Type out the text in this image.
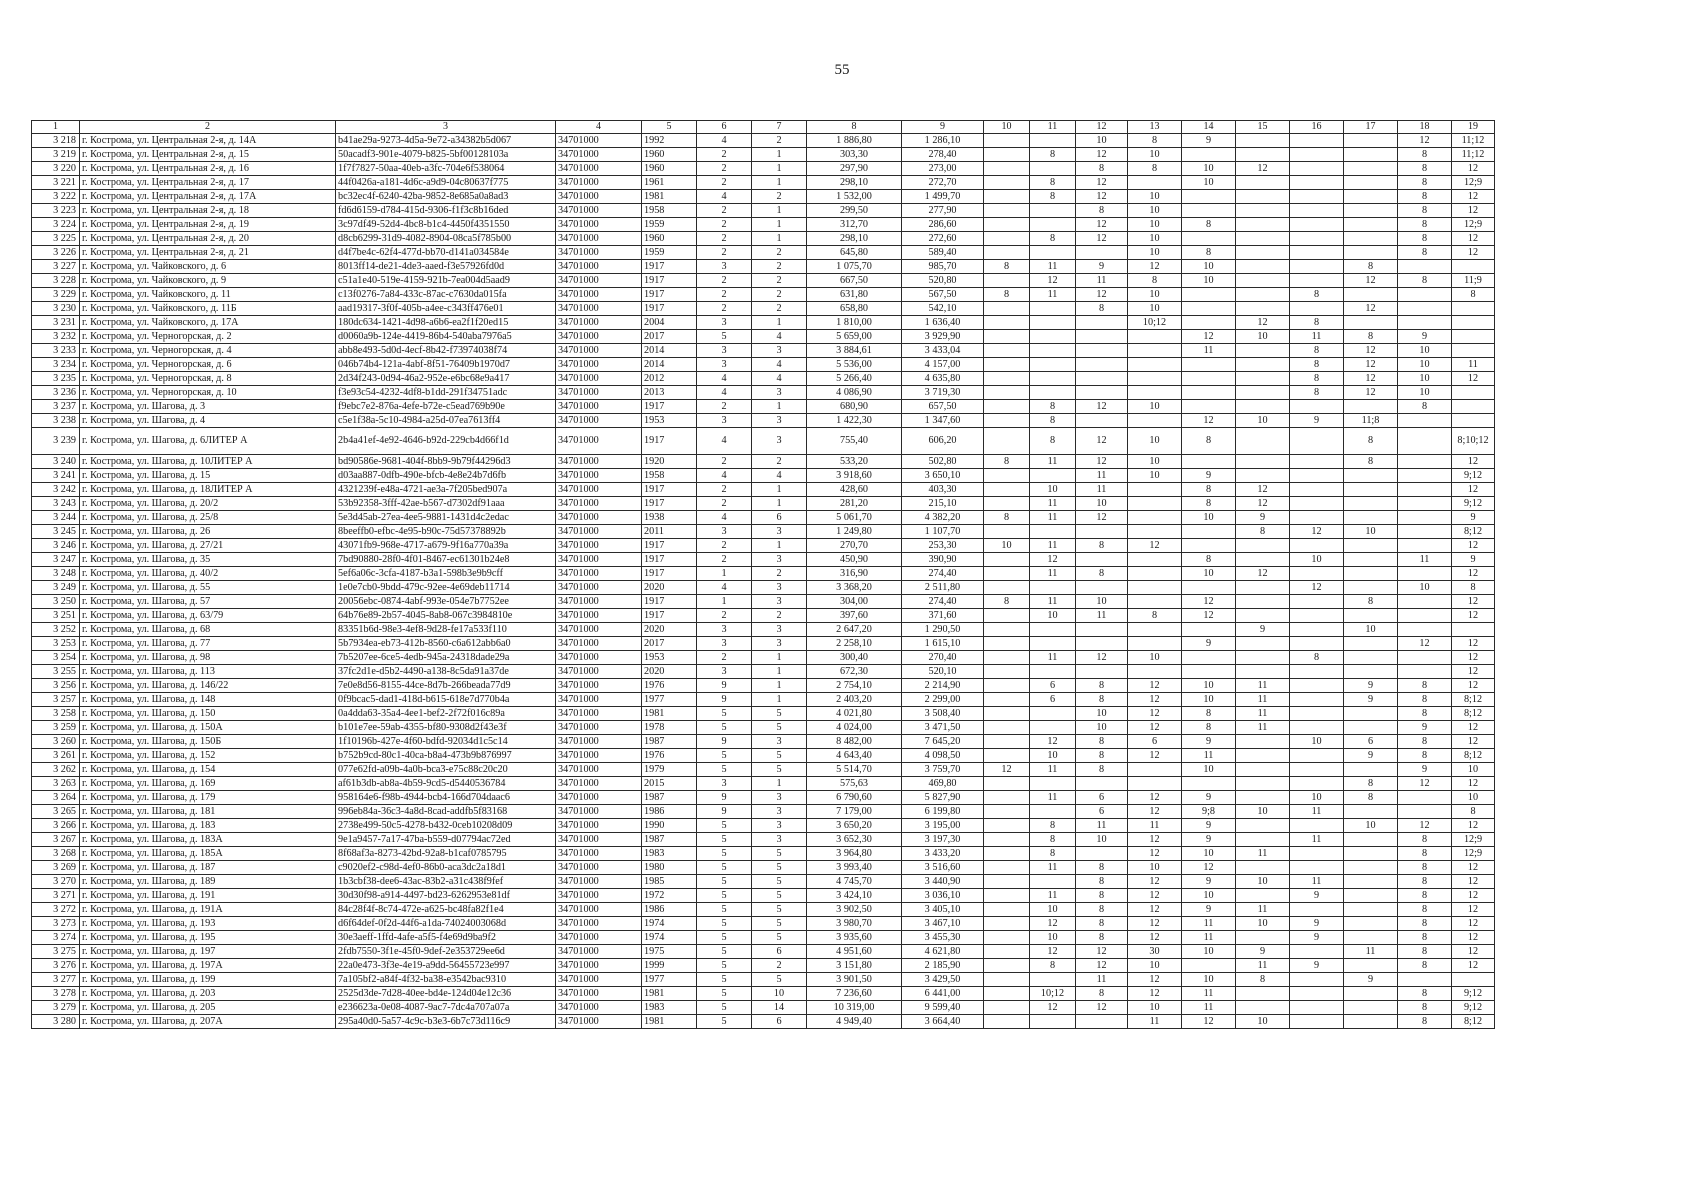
55
1	2	3	4	5	6	7	8	9	10	11	12	13	14	15	16	17	18	19
3 218	г. Кострома, ул. Центральная 2-я, д. 14А	b41ae29a-9273-4d5a-9e72-a34382b5d067	34701000	1992	4	2	1 886,80	1 286,10			10	8	9				12	11;12
3 219	г. Кострома, ул. Центральная 2-я, д. 15	50acadf3-901e-4079-b825-5bf00128103a	34701000	1960	2	1	303,30	278,40		8	12	10					8	11;12
3 220	г. Кострома, ул. Центральная 2-я, д. 16	1f7f7827-50aa-40eb-a3fc-704e6f538064	34701000	1960	2	1	297,90	273,00			8	8	10	12			8	12
3 221	г. Кострома, ул. Центральная 2-я, д. 17	44f0426a-a181-4d6c-a9d9-04c80637f775	34701000	1961	2	1	298,10	272,70		8	12		10				8	12;9
3 222	г. Кострома, ул. Центральная 2-я, д. 17А	bc32ec4f-6240-42ba-9852-8e685a0a8ad3	34701000	1981	4	2	1 532,00	1 499,70		8	12	10					8	12
3 223	г. Кострома, ул. Центральная 2-я, д. 18	fd6d6159-d784-415d-9306-f1f3c8b16ded	34701000	1958	2	1	299,50	277,90			8	10					8	12
3 224	г. Кострома, ул. Центральная 2-я, д. 19	3c97df49-52d4-4bc8-b1c4-4450f4351550	34701000	1959	2	1	312,70	286,60			12	10	8				8	12;9
3 225	г. Кострома, ул. Центральная 2-я, д. 20	d8cb6299-31d9-4082-8904-08ca5f785b00	34701000	1960	2	1	298,10	272,60		8	12	10					8	12
3 226	г. Кострома, ул. Центральная 2-я, д. 21	d4f7be4c-62f4-477d-bb70-d141a034584e	34701000	1959	2	2	645,80	589,40				10	8				8	12
3 227	г. Кострома, ул. Чайковского, д. 6	8013ff14-de21-4de3-aaed-f3e57926fd0d	34701000	1917	3	2	1 075,70	985,70	8	11	9	12	10			8		
3 228	г. Кострома, ул. Чайковского, д. 9	c51a1e40-519e-4159-921b-7ea004d5aad9	34701000	1917	2	2	667,50	520,80		12	11	8	10			12	8	11;9
3 229	г. Кострома, ул. Чайковского, д. 11	c13f0276-7a84-433c-87ac-c7630da015fa	34701000	1917	2	2	631,80	567,50	8	11	12	10			8			8
3 230	г. Кострома, ул. Чайковского, д. 11Б	aad19317-3f0f-405b-a4ee-c343ff476e01	34701000	1917	2	2	658,80	542,10			8	10				12		
3 231	г. Кострома, ул. Чайковского, д. 17А	180dc634-1421-4d98-a6b6-ea2f1f20ed15	34701000	2004	3	1	1 810,00	1 636,40				10;12		12	8			
3 232	г. Кострома, ул. Черногорская, д. 2	d0060a9b-124e-4419-86b4-540aba7976a5	34701000	2017	5	4	5 659,00	3 929,90					12	10	11	8	9	
3 233	г. Кострома, ул. Черногорская, д. 4	abb8e493-5d0d-4ecf-8b42-f73974038f74	34701000	2014	3	3	3 884,61	3 433,04					11		8	12	10	
3 234	г. Кострома, ул. Черногорская, д. 6	046b74b4-121a-4abf-8f51-76409b1970d7	34701000	2014	3	4	5 536,00	4 157,00							8	12	10	11
3 235	г. Кострома, ул. Черногорская, д. 8	2d34f243-0d94-46a2-952e-e6bc68e9a417	34701000	2012	4	4	5 266,40	4 635,80							8	12	10	12
3 236	г. Кострома, ул. Черногорская, д. 10	f3e93c54-4232-4df8-b1dd-291f34751adc	34701000	2013	4	3	4 086,90	3 719,30							8	12	10	
3 237	г. Кострома, ул. Шагова, д. 3	f9ebc7e2-876a-4efe-b72e-c5ead769b90e	34701000	1917	2	1	680,90	657,50		8	12	10					8	
3 238	г. Кострома, ул. Шагова, д. 4	c5e1f38a-5c10-4984-a25d-07ea7613ff4	34701000	1953	3	3	1 422,30	1 347,60		8			12	10	9	11;8		
3 239	г. Кострома, ул. Шагова, д. 6ЛИТЕР А	2b4a41ef-4e92-4646-b92d-229cb4d66f1d	34701000	1917	4	3	755,40	606,20		8	12	10	8			8		8;10;12
3 240	г. Кострома, ул. Шагова, д. 10ЛИТЕР А	bd90586e-9681-404f-8bb9-9b79f44296d3	34701000	1920	2	2	533,20	502,80	8	11	12	10				8		12
3 241	г. Кострома, ул. Шагова, д. 15	d03aa887-0dfb-490e-bfcb-4e8e24b7d6fb	34701000	1958	4	4	3 918,60	3 650,10			11	10	9					9;12
3 242	г. Кострома, ул. Шагова, д. 18ЛИТЕР А	4321239f-e48a-4721-ae3a-7f205bed907a	34701000	1917	2	1	428,60	403,30		10	11		8	12				12
3 243	г. Кострома, ул. Шагова, д. 20/2	53b92358-3fff-42ae-b567-d7302df91aaa	34701000	1917	2	1	281,20	215,10		11	10		8	12				9;12
3 244	г. Кострома, ул. Шагова, д. 25/8	5e3d45ab-27ea-4ee5-9881-1431d4c2edac	34701000	1938	4	6	5 061,70	4 382,20	8	11	12		10	9				9
3 245	г. Кострома, ул. Шагова, д. 26	8beeffb0-efbc-4e95-b90c-75d57378892b	34701000	2011	3	3	1 249,80	1 107,70						8	12	10		8;12
3 246	г. Кострома, ул. Шагова, д. 27/21	43071fb9-968e-4717-a679-9f16a770a39a	34701000	1917	2	1	270,70	253,30	10	11	8	12						12
3 247	г. Кострома, ул. Шагова, д. 35	7bd90880-28f0-4f01-8467-ec61301b24e8	34701000	1917	2	3	450,90	390,90		12			8		10		11	9
3 248	г. Кострома, ул. Шагова, д. 40/2	5ef6a06c-3cfa-4187-b3a1-598b3e9b9cff	34701000	1917	1	2	316,90	274,40		11	8		10	12				12
3 249	г. Кострома, ул. Шагова, д. 55	1e0e7cb0-9bdd-479c-92ee-4e69deb11714	34701000	2020	4	3	3 368,20	2 511,80							12		10	8
3 250	г. Кострома, ул. Шагова, д. 57	20056ebc-0874-4abf-993e-054e7b7752ee	34701000	1917	1	3	304,00	274,40	8	11	10		12			8		12
3 251	г. Кострома, ул. Шагова, д. 63/79	64b76e89-2b57-4045-8ab8-067c3984810e	34701000	1917	2	2	397,60	371,60		10	11	8	12					12
3 252	г. Кострома, ул. Шагова, д. 68	83351b6d-98e3-4ef8-9d28-fe17a533f110	34701000	2020	3	3	2 647,20	1 290,50						9		10		
3 253	г. Кострома, ул. Шагова, д. 77	5b7934ea-eb73-412b-8560-c6a612abb6a0	34701000	2017	3	3	2 258,10	1 615,10					9				12	12
3 254	г. Кострома, ул. Шагова, д. 98	7b5207ee-6ce5-4edb-945a-24318dade29a	34701000	1953	2	1	300,40	270,40		11	12	10			8			12
3 255	г. Кострома, ул. Шагова, д. 113	37fc2d1e-d5b2-4490-a138-8c5da91a37de	34701000	2020	3	1	672,30	520,10										12
3 256	г. Кострома, ул. Шагова, д. 146/22	7e0e8d56-8155-44ce-8d7b-266beada77d9	34701000	1976	9	1	2 754,10	2 214,90		6	8	12	10	11		9	8	12
3 257	г. Кострома, ул. Шагова, д. 148	0f9bcac5-dad1-418d-b615-618e7d770b4a	34701000	1977	9	1	2 403,20	2 299,00		6	8	12	10	11		9	8	8;12
3 258	г. Кострома, ул. Шагова, д. 150	0a4dda63-35a4-4ee1-bef2-2f72f016c89a	34701000	1981	5	5	4 021,80	3 508,40			10	12	8	11			8	8;12
3 259	г. Кострома, ул. Шагова, д. 150А	b101e7ee-59ab-4355-bf80-9308d2f43e3f	34701000	1978	5	5	4 024,00	3 471,50			10	12	8	11			9	12
3 260	г. Кострома, ул. Шагова, д. 150Б	1f10196b-427e-4f60-bdfd-92034d1c5c14	34701000	1987	9	3	8 482,00	7 645,20		12	8	6	9		10	6	8	12
3 261	г. Кострома, ул. Шагова, д. 152	b752b9cd-80c1-40ca-b8a4-473b9b876997	34701000	1976	5	5	4 643,40	4 098,50		10	8	12	11			9	8	8;12
3 262	г. Кострома, ул. Шагова, д. 154	077e62fd-a09b-4a0b-bca3-e75c88c20c20	34701000	1979	5	5	5 514,70	3 759,70	12	11	8		10				9	10
3 263	г. Кострома, ул. Шагова, д. 169	af61b3db-ab8a-4b59-9cd5-d5440536784	34701000	2015	3	1	575,63	469,80								8	12	12
3 264	г. Кострома, ул. Шагова, д. 179	958164e6-f98b-4944-bcb4-166d704daac6	34701000	1987	9	3	6 790,60	5 827,90		11	6	12	9		10	8		10
3 265	г. Кострома, ул. Шагова, д. 181	996eb84a-36c3-4a8d-8cad-addfb5f83168	34701000	1986	9	3	7 179,00	6 199,80			6	12	9;8	10	11			8
3 266	г. Кострома, ул. Шагова, д. 183	2738e499-50c5-4278-b432-0ceb10208d09	34701000	1990	5	3	3 650,20	3 195,00		8	11	11	9			10	12	12
3 267	г. Кострома, ул. Шагова, д. 183А	9e1a9457-7a17-47ba-b559-d07794ac72ed	34701000	1987	5	3	3 652,30	3 197,30		8	10	12	9		11		8	12;9
3 268	г. Кострома, ул. Шагова, д. 185А	8f68af3a-8273-42bd-92a8-b1caf0785795	34701000	1983	5	5	3 964,80	3 433,20		8		12	10	11			8	12;9
3 269	г. Кострома, ул. Шагова, д. 187	c9020ef2-c98d-4ef0-86b0-aca3dc2a18d1	34701000	1980	5	5	3 993,40	3 516,60		11	8	10	12				8	12
3 270	г. Кострома, ул. Шагова, д. 189	1b3cbf38-dee6-43ac-83b2-a31c438f9fef	34701000	1985	5	5	4 745,70	3 440,90			8	12	9	10	11		8	12
3 271	г. Кострома, ул. Шагова, д. 191	30d30f98-a914-4497-bd23-6262953e81df	34701000	1972	5	5	3 424,10	3 036,10		11	8	12	10		9		8	12
3 272	г. Кострома, ул. Шагова, д. 191А	84c28f4f-8c74-472e-a625-bc48fa82f1e4	34701000	1986	5	5	3 902,50	3 405,10		10	8	12	9	11			8	12
3 273	г. Кострома, ул. Шагова, д. 193	d6f64def-0f2d-44f6-a1da-74024003068d	34701000	1974	5	5	3 980,70	3 467,10		12	8	12	11	10	9		8	12
3 274	г. Кострома, ул. Шагова, д. 195	30e3aeff-1ffd-4afe-a5f5-f4e69d9ba9f2	34701000	1974	5	5	3 935,60	3 455,30		10	8	12	11		9		8	12
3 275	г. Кострома, ул. Шагова, д. 197	2fdb7550-3f1e-45f0-9def-2e353729ee6d	34701000	1975	5	6	4 951,60	4 621,80		12	12	30	10	9		11	8	12
3 276	г. Кострома, ул. Шагова, д. 197А	22a0e473-3f3e-4e19-a9dd-56455723e997	34701000	1999	5	2	3 151,80	2 185,90		8	12	10		11	9		8	12
3 277	г. Кострома, ул. Шагова, д. 199	7a105bf2-a84f-4f32-ba38-e3542bac9310	34701000	1977	5	5	3 901,50	3 429,50			11	12	10	8		9		
3 278	г. Кострома, ул. Шагова, д. 203	2525d3de-7d28-40ee-bd4e-124d04e12c36	34701000	1981	5	10	7 236,60	6 441,00		10;12	8	12	11				8	9;12
3 279	г. Кострома, ул. Шагова, д. 205	e236623a-0e08-4087-9ac7-7dc4a707a07a	34701000	1983	5	14	10 319,00	9 599,40		12	12	10	11				8	9;12
3 280	г. Кострома, ул. Шагова, д. 207А	295a40d0-5a57-4c9c-b3e3-6b7c73d116c9	34701000	1981	5	6	4 949,40	3 664,40				11	12	10			8	8;12
